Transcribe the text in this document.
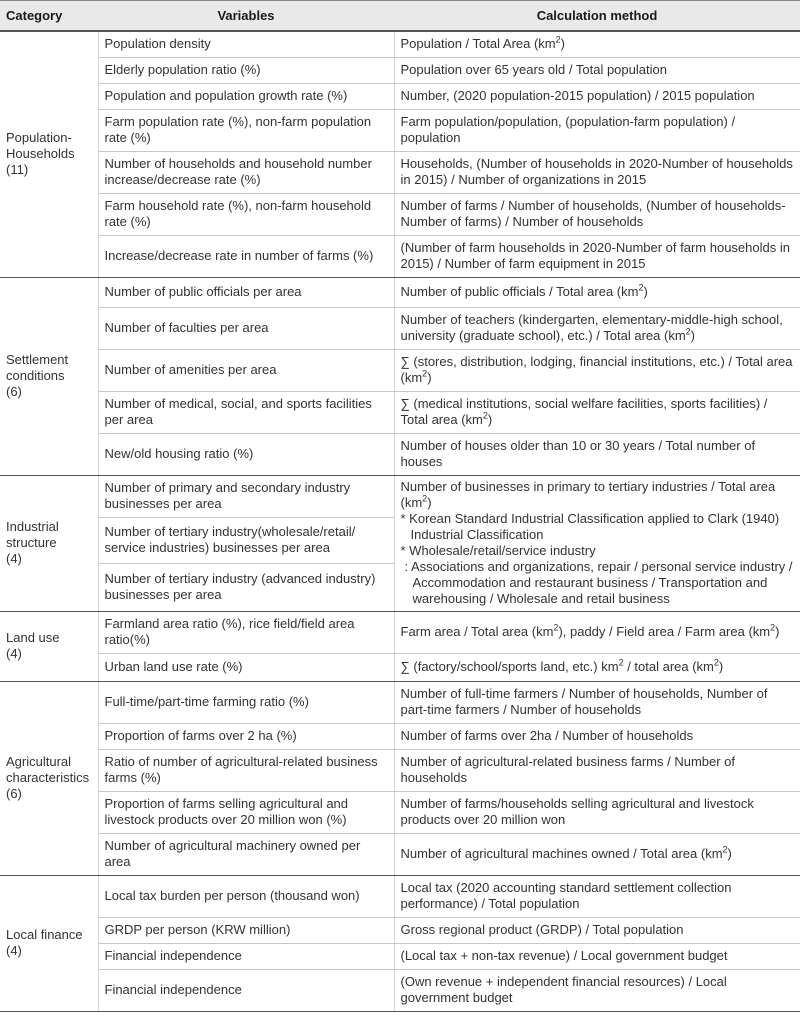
Category	Variables	Calculation method

Population-Households
(11)	Population density	Population / Total Area $(km^2)$
	Elderly population ratio (%)	Population over 65 years old / Total population
	Population and population growth rate (%)	Number, (2020 population-2015 population) / 2015 population
	Farm population rate (%), non-farm population rate (%)	Farm population/population, (population-farm population) / population
	Number of households and household number increase/decrease rate (%)	Households, (Number of households in 2020-Number of households in 2015) / Number of organizations in 2015
	Farm household rate (%), non-farm household rate (%)	Number of farms / Number of households, (Number of households-Number of farms) / Number of households
	Increase/decrease rate in number of farms (%)	(Number of farm households in 2020-Number of farm households in 2015) / Number of farm equipment in 2015

Settlement conditions
(6)	Number of public officials per area	Number of public officials / Total area $(km^2)$
	Number of faculties per area	Number of teachers (kindergarten, elementary-middle-high school, university (graduate school), etc.) / Total area $(km^2)$
	Number of amenities per area	∑ (stores, distribution, lodging, financial institutions, etc.) / Total area $(km^2)$
	Number of medical, social, and sports facilities per area	∑ (medical institutions, social welfare facilities, sports facilities) / Total area $(km^2)$
	New/old housing ratio (%)	Number of houses older than 10 or 30 years / Total number of houses

Industrial structure
(4)	Number of primary and secondary industry businesses per area	Number of businesses in primary to tertiary industries / Total area $(km^2)$
* Korean Standard Industrial Classification applied to Clark (1940) Industrial Classification
* Wholesale/retail/service industry
: Associations and organizations, repair / personal service industry / Accommodation and restaurant business / Transportation and warehousing / Wholesale and retail business

	Number of tertiary industry(wholesale/retail/ service industries) businesses per area	
	Number of tertiary industry (advanced industry) businesses per area	

Land use
(4)	Farmland area ratio (%), rice field/field area ratio(%)	Farm area / Total area $(km^2)$, paddy / Field area / Farm area $(km^2)$
	Urban land use rate (%)	∑ (factory/school/sports land, etc.) $km^2$ / total area $(km^2)$

Agricultural characteristics
(6)	Full-time/part-time farming ratio (%)	Number of full-time farmers / Number of households, Number of part-time farmers / Number of households
	Proportion of farms over 2 ha (%)	Number of farms over 2ha / Number of households
	Ratio of number of agricultural-related business farms (%)	Number of agricultural-related business farms / Number of households
	Proportion of farms selling agricultural and livestock products over 20 million won (%)	Number of farms/households selling agricultural and livestock products over 20 million won
	Number of agricultural machinery owned per area	Number of agricultural machines owned / Total area $(km^2)$

Local finance
(4)	Local tax burden per person (thousand won)	Local tax (2020 accounting standard settlement collection performance) / Total population
	GRDP per person (KRW million)	Gross regional product (GRDP) / Total population
	Financial independence	(Local tax + non-tax revenue) / Local government budget
	Financial independence	(Own revenue + independent financial resources) / Local government budget
